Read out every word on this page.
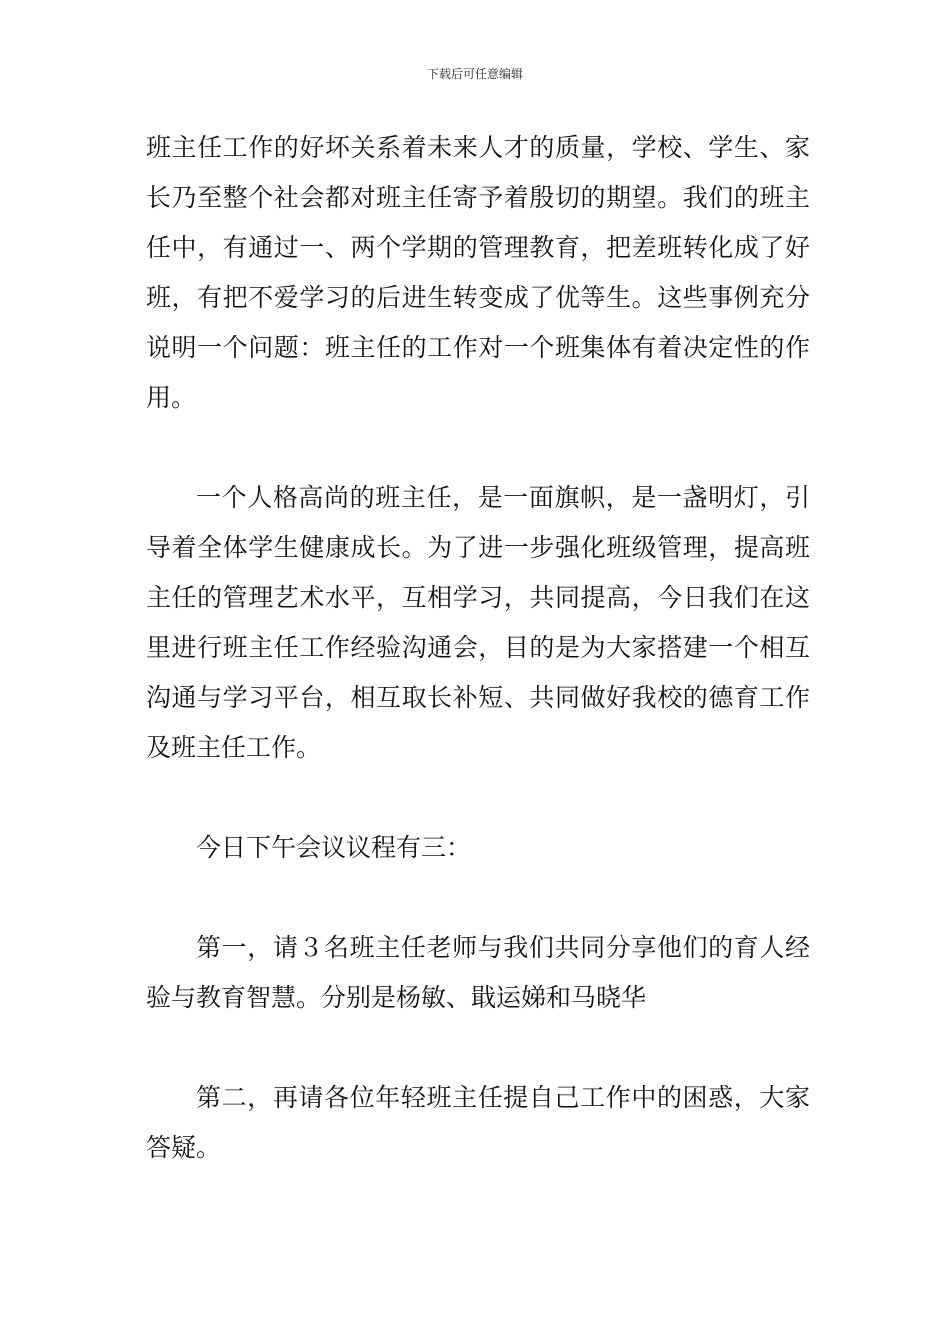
下载后可任意编辑

班主任工作的好坏关系着未来人才的质量，学校、学生、家长乃至整个社会都对班主任寄予着殷切的期望。我们的班主任中，有通过一、两个学期的管理教育，把差班转化成了好班，有把不爱学习的后进生转变成了优等生。这些事例充分说明一个问题：班主任的工作对一个班集体有着决定性的作用。

一个人格高尚的班主任，是一面旗帜，是一盏明灯，引导着全体学生健康成长。为了进一步强化班级管理，提高班主任的管理艺术水平，互相学习，共同提高，今日我们在这里进行班主任工作经验沟通会，目的是为大家搭建一个相互沟通与学习平台，相互取长补短、共同做好我校的德育工作及班主任工作。

今日下午会议议程有三：

第一，请３名班主任老师与我们共同分享他们的育人经验与教育智慧。分别是杨敏、戢运娣和马晓华

第二，再请各位年轻班主任提自己工作中的困惑，大家答疑。
